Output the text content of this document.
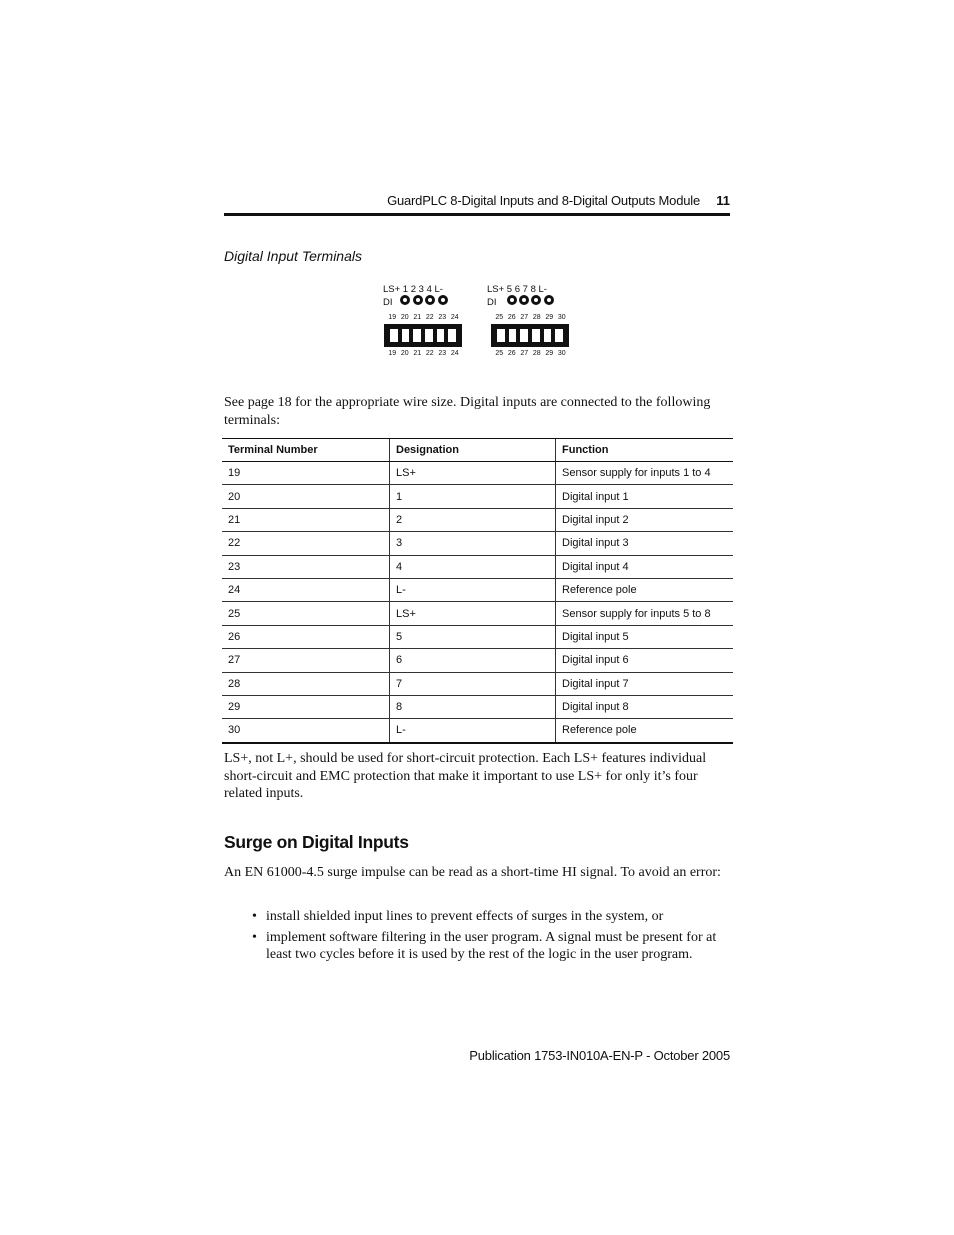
GuardPLC 8-Digital Inputs and 8-Digital Outputs Module 11
Digital Input Terminals
LS+ 1 2 3 4 L-
DI
19 20 21 22 23 24
19 20 21 22 23 24
LS+ 5 6 7 8 L-
DI
25 26 27 28 29 30
25 26 27 28 29 30

See page 18 for the appropriate wire size. Digital inputs are connected to the following terminals:

Terminal Number	Designation	Function
19	LS+	Sensor supply for inputs 1 to 4
20	1	Digital input 1
21	2	Digital input 2
22	3	Digital input 3
23	4	Digital input 4
24	L-	Reference pole
25	LS+	Sensor supply for inputs 5 to 8
26	5	Digital input 5
27	6	Digital input 6
28	7	Digital input 7
29	8	Digital input 8
30	L-	Reference pole

LS+, not L+, should be used for short-circuit protection. Each LS+ features individual short-circuit and EMC protection that make it important to use LS+ for only it’s four related inputs.

Surge on Digital Inputs

An EN 61000-4.5 surge impulse can be read as a short-time HI signal. To avoid an error:

• install shielded input lines to prevent effects of surges in the system, or
• implement software filtering in the user program. A signal must be present for at least two cycles before it is used by the rest of the logic in the user program.
Publication 1753-IN010A-EN-P - October 2005
